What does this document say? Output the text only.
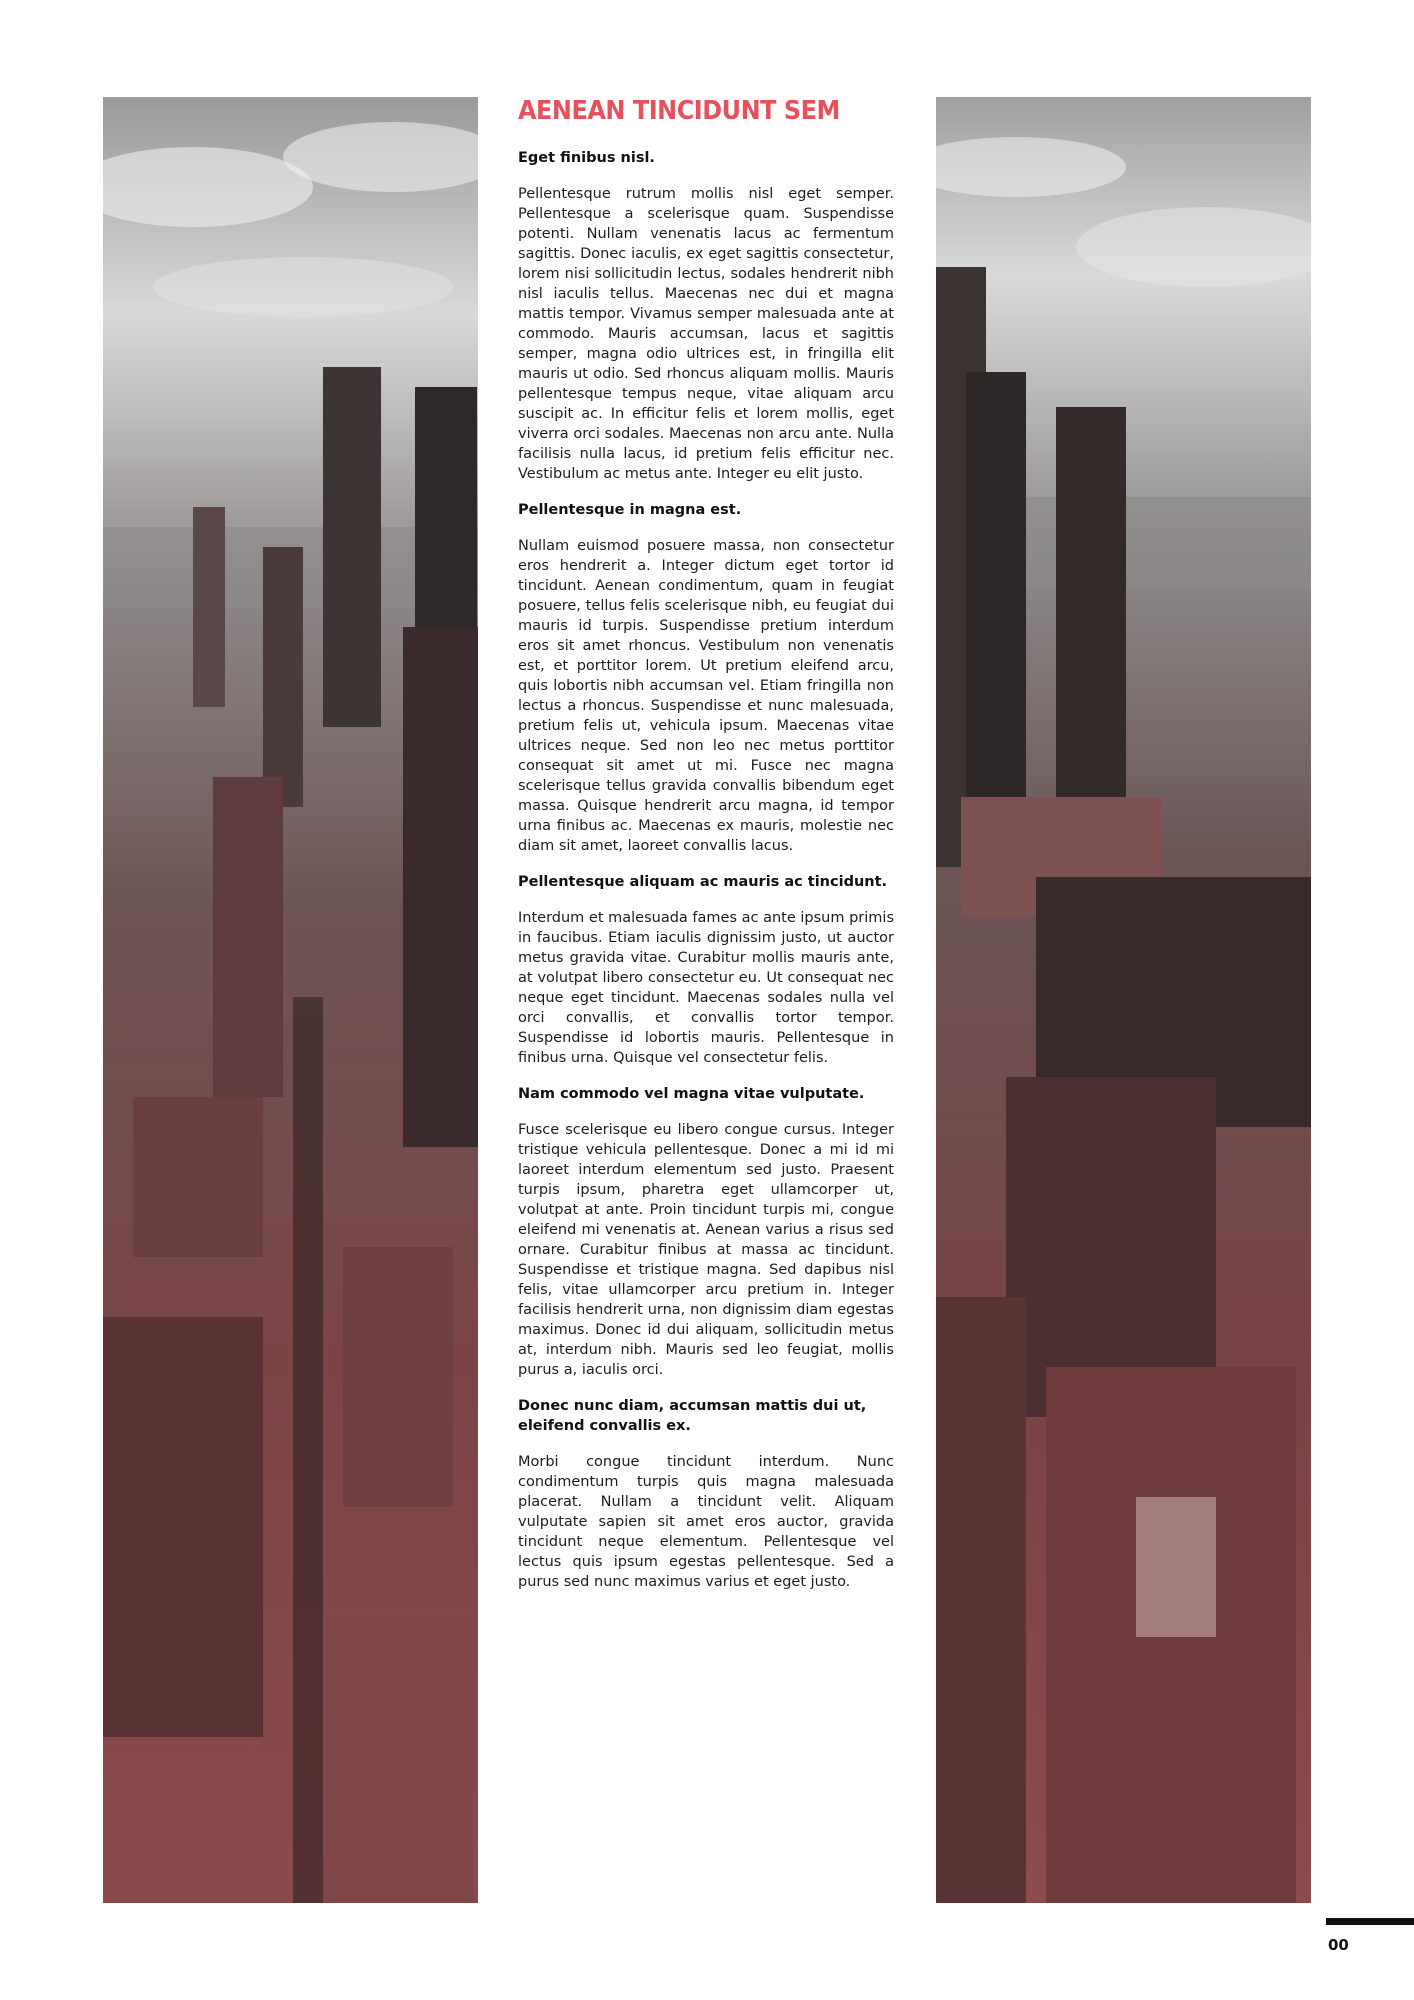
AENEAN TINCIDUNT SEM
Eget finibus nisl.

Pellentesque rutrum mollis nisl eget semper. Pellentesque a scelerisque quam. Suspendisse potenti. Nullam venenatis lacus ac fermentum sagittis. Donec iaculis, ex eget sagittis consectetur, lorem nisi sollicitudin lectus, sodales hendrerit nibh nisl iaculis tellus. Maecenas nec dui et magna mattis tempor. Vivamus semper malesuada ante at commodo. Mauris accumsan, lacus et sagittis semper, magna odio ultrices est, in fringilla elit mauris ut odio. Sed rhoncus aliquam mollis. Mauris pellentesque tempus neque, vitae aliquam arcu suscipit ac. In efficitur felis et lorem mollis, eget viverra orci sodales. Maecenas non arcu ante. Nulla facilisis nulla lacus, id pretium felis efficitur nec. Vestibulum ac metus ante. Integer eu elit justo.

Pellentesque in magna est.

Nullam euismod posuere massa, non consectetur eros hendrerit a. Integer dictum eget tortor id tincidunt. Aenean condimentum, quam in feugiat posuere, tellus felis scelerisque nibh, eu feugiat dui mauris id turpis. Suspendisse pretium interdum eros sit amet rhoncus. Vestibulum non venenatis est, et porttitor lorem. Ut pretium eleifend arcu, quis lobortis nibh accumsan vel. Etiam fringilla non lectus a rhoncus. Suspendisse et nunc malesuada, pretium felis ut, vehicula ipsum. Maecenas vitae ultrices neque. Sed non leo nec metus porttitor consequat sit amet ut mi. Fusce nec magna scelerisque tellus gravida convallis bibendum eget massa. Quisque hendrerit arcu magna, id tempor urna finibus ac. Maecenas ex mauris, molestie nec diam sit amet, laoreet convallis lacus.

Pellentesque aliquam ac mauris ac tincidunt.

Interdum et malesuada fames ac ante ipsum primis in faucibus. Etiam iaculis dignissim justo, ut auctor metus gravida vitae. Curabitur mollis mauris ante, at volutpat libero consectetur eu. Ut consequat nec neque eget tincidunt. Maecenas sodales nulla vel orci convallis, et convallis tortor tempor. Suspendisse id lobortis mauris. Pellentesque in finibus urna. Quisque vel consectetur felis.

Nam commodo vel magna vitae vulputate.

Fusce scelerisque eu libero congue cursus. Integer tristique vehicula pellentesque. Donec a mi id mi laoreet interdum elementum sed justo. Praesent turpis ipsum, pharetra eget ullamcorper ut, volutpat at ante. Proin tincidunt turpis mi, congue eleifend mi venenatis at. Aenean varius a risus sed ornare. Curabitur finibus at massa ac tincidunt. Suspendisse et tristique magna. Sed dapibus nisl felis, vitae ullamcorper arcu pretium in. Integer facilisis hendrerit urna, non dignissim diam egestas maximus. Donec id dui aliquam, sollicitudin metus at, interdum nibh. Mauris sed leo feugiat, mollis purus a, iaculis orci.

Donec nunc diam, accumsan mattis dui ut, eleifend convallis ex.

Morbi congue tincidunt interdum. Nunc condimentum turpis quis magna malesuada placerat. Nullam a tincidunt velit. Aliquam vulputate sapien sit amet eros auctor, gravida tincidunt neque elementum. Pellentesque vel lectus quis ipsum egestas pellentesque. Sed a purus sed nunc maximus varius et eget justo.

00
